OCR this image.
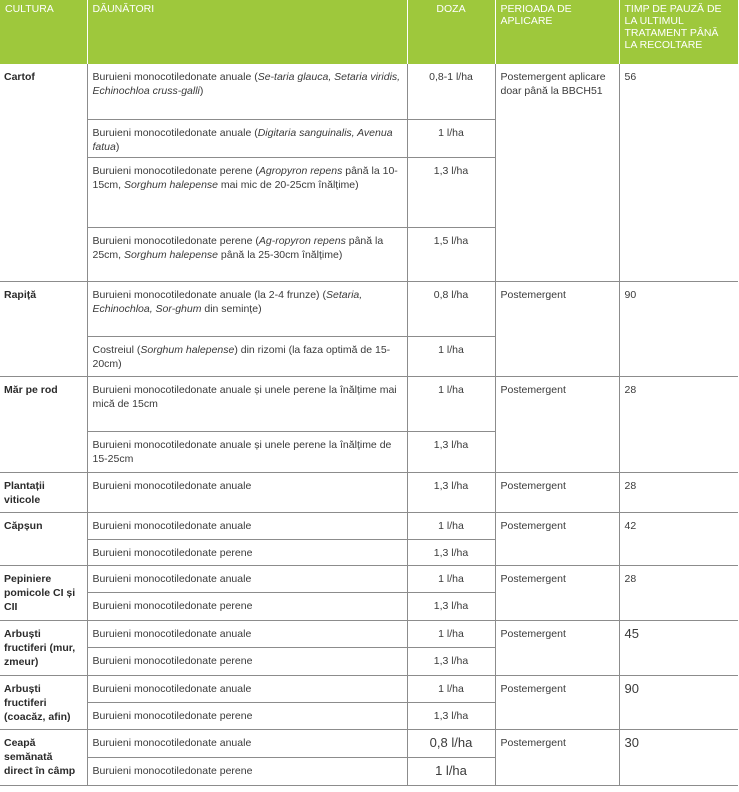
CULTURA	DĂUNĂTORI	DOZA	PERIOADA DE APLICARE	TIMP DE PAUZĂ DE LA ULTIMUL TRATAMENT PÂNĂ LA RECOLTARE
Cartof	Buruieni monocotiledonate anuale (Se-taria glauca, Setaria viridis, Echinochloa cruss-galli)	0,8-1 l/ha	Postemergent aplicare doar până la BBCH51	56
	Buruieni monocotiledonate anuale (Digitaria sanguinalis, Avenua fatua)	1 l/ha		
	Buruieni monocotiledonate perene (Agropyron repens până la 10-15cm, Sorghum halepense mai mic de 20-25cm înălțime)	1,3 l/ha		
	Buruieni monocotiledonate perene (Ag-ropyron repens până la 25cm, Sorghum halepense până la 25-30cm înălțime)	1,5 l/ha		
Rapiță	Buruieni monocotiledonate anuale (la 2-4 frunze) (Setaria, Echinochloa, Sor-ghum din semințe)	0,8 l/ha	Postemergent	90
	Costreiul (Sorghum halepense) din rizomi (la faza optimă de 15-20cm)	1 l/ha		
Măr pe rod	Buruieni monocotiledonate anuale și unele perene la înălțime mai mică de 15cm	1 l/ha	Postemergent	28
	Buruieni monocotiledonate anuale și unele perene la înălțime de 15-25cm	1,3 l/ha		
Plantații viticole	Buruieni monocotiledonate anuale	1,3 l/ha	Postemergent	28
Căpșun	Buruieni monocotiledonate anuale	1 l/ha	Postemergent	42
	Buruieni monocotiledonate perene	1,3 l/ha		
Pepiniere pomicole CI și CII	Buruieni monocotiledonate anuale	1 l/ha	Postemergent	28
	Buruieni monocotiledonate perene	1,3 l/ha		
Arbuști fructiferi (mur, zmeur)	Buruieni monocotiledonate anuale	1 l/ha	Postemergent	45
	Buruieni monocotiledonate perene	1,3 l/ha		
Arbuști fructiferi (coacăz, afin)	Buruieni monocotiledonate anuale	1 l/ha	Postemergent	90
	Buruieni monocotiledonate perene	1,3 l/ha		
Ceapă semănată direct în câmp	Buruieni monocotiledonate anuale	0,8 l/ha	Postemergent	30
	Buruieni monocotiledonate perene	1 l/ha		
